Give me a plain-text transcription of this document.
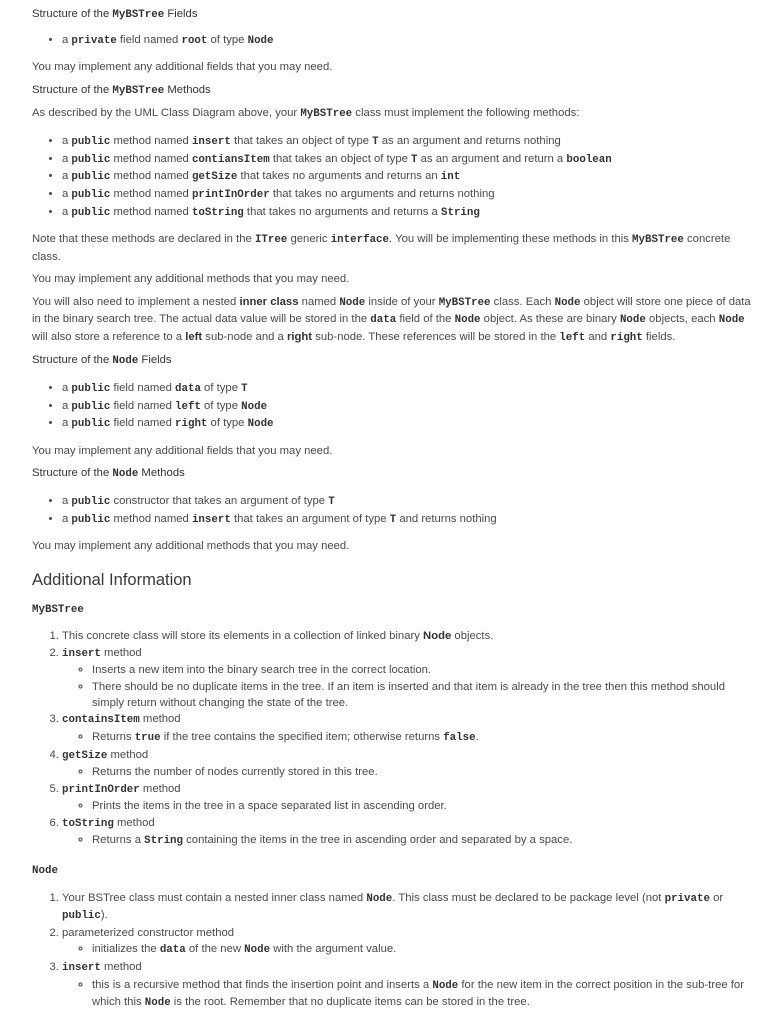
Structure of the MyBSTree Fields

• a private field named root of type Node

You may implement any additional fields that you may need.

Structure of the MyBSTree Methods

As described by the UML Class Diagram above, your MyBSTree class must implement the following methods:

• a public method named insert that takes an object of type T as an argument and returns nothing
• a public method named contiansItem that takes an object of type T as an argument and return a boolean
• a public method named getSize that takes no arguments and returns an int
• a public method named printInOrder that takes no arguments and returns nothing
• a public method named toString that takes no arguments and returns a String

Note that these methods are declared in the ITree generic interface. You will be implementing these methods in this MyBSTree concrete class.

You may implement any additional methods that you may need.

You will also need to implement a nested inner class named Node inside of your MyBSTree class. Each Node object will store one piece of data in the binary search tree. The actual data value will be stored in the data field of the Node object. As these are binary Node objects, each Node will also store a reference to a left sub-node and a right sub-node. These references will be stored in the left and right fields.

Structure of the Node Fields

• a public field named data of type T
• a public field named left of type Node
• a public field named right of type Node

You may implement any additional fields that you may need.

Structure of the Node Methods

• a public constructor that takes an argument of type T
• a public method named insert that takes an argument of type T and returns nothing

You may implement any additional methods that you may need.

Additional Information

MyBSTree

1. This concrete class will store its elements in a collection of linked binary Node objects.
2. insert method
◦ Inserts a new item into the binary search tree in the correct location.
◦ There should be no duplicate items in the tree. If an item is inserted and that item is already in the tree then this method should simply return without changing the state of the tree.
3. containsItem method
◦ Returns true if the tree contains the specified item; otherwise returns false.
4. getSize method
◦ Returns the number of nodes currently stored in this tree.
5. printInOrder method
◦ Prints the items in the tree in a space separated list in ascending order.
6. toString method
◦ Returns a String containing the items in the tree in ascending order and separated by a space.

Node

1. Your BSTree class must contain a nested inner class named Node. This class must be declared to be package level (not private or public).
2. parameterized constructor method
◦ initializes the data of the new Node with the argument value.
3. insert method
◦ this is a recursive method that finds the insertion point and inserts a Node for the new item in the correct position in the sub-tree for which this Node is the root. Remember that no duplicate items can be stored in the tree.
